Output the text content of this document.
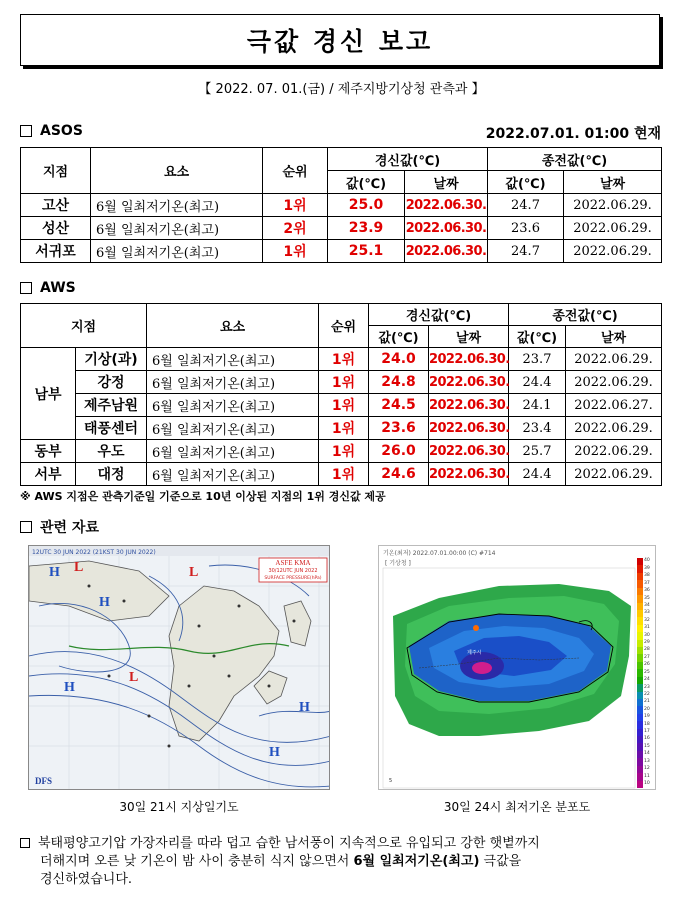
극값 경신 보고
【 2022. 07. 01.(금) / 제주지방기상청 관측과 】
ASOS	2022.07.01. 01:00 현재
지점	요소	순위	경신값(℃)		종전값(℃)	
			값(℃)	날짜	값(℃)	날짜
고산	6월 일최저기온(최고)	1위	25.0	2022.06.30.	24.7	2022.06.29.
성산	6월 일최저기온(최고)	2위	23.9	2022.06.30.	23.6	2022.06.29.
서귀포	6월 일최저기온(최고)	1위	25.1	2022.06.30.	24.7	2022.06.29.
AWS
지점		요소	순위	경신값(℃)		종전값(℃)	
				값(℃)	날짜	값(℃)	날짜
남부	기상(과)	6월 일최저기온(최고)	1위	24.0	2022.06.30.	23.7	2022.06.29.
	강정	6월 일최저기온(최고)	1위	24.8	2022.06.30.	24.4	2022.06.29.
	제주남원	6월 일최저기온(최고)	1위	24.5	2022.06.30.	24.1	2022.06.27.
	태풍센터	6월 일최저기온(최고)	1위	23.6	2022.06.30.	23.4	2022.06.29.
동부	우도	6월 일최저기온(최고)	1위	26.0	2022.06.30.	25.7	2022.06.29.
서부	대정	6월 일최저기온(최고)	1위	24.6	2022.06.30.	24.4	2022.06.29.
※ AWS 지점은 관측기준일 기준으로 10년 이상된 지점의 1위 경신값 제공
관련 자료
H
H
H
H
H
L	L
L
12UTC 30 JUN 2022 (21KST 30 JUN 2022)
ASFE KMA
30/12UTC JUN 2022
SURFACE PRESSURE(hPa)
DFS
30일 21시 지상일기도
기온(최저) 2022.07.01.00:00 (C) #714
[ 기상청 ]
제주시
5
40
39
38
37
36
35
34
33
32
31
30
29
28
27
26
25
24
23
22
21
20
19
18
17
16
15
14
13
12
11
10
30일 24시 최저기온 분포도
북태평양고기압 가장자리를 따라 덥고 습한 남서풍이 지속적으로 유입되고 강한 햇볕까지
더해지며 오른 낮 기온이 밤 사이 충분히 식지 않으면서 6월 일최저기온(최고) 극값을
경신하였습니다.
